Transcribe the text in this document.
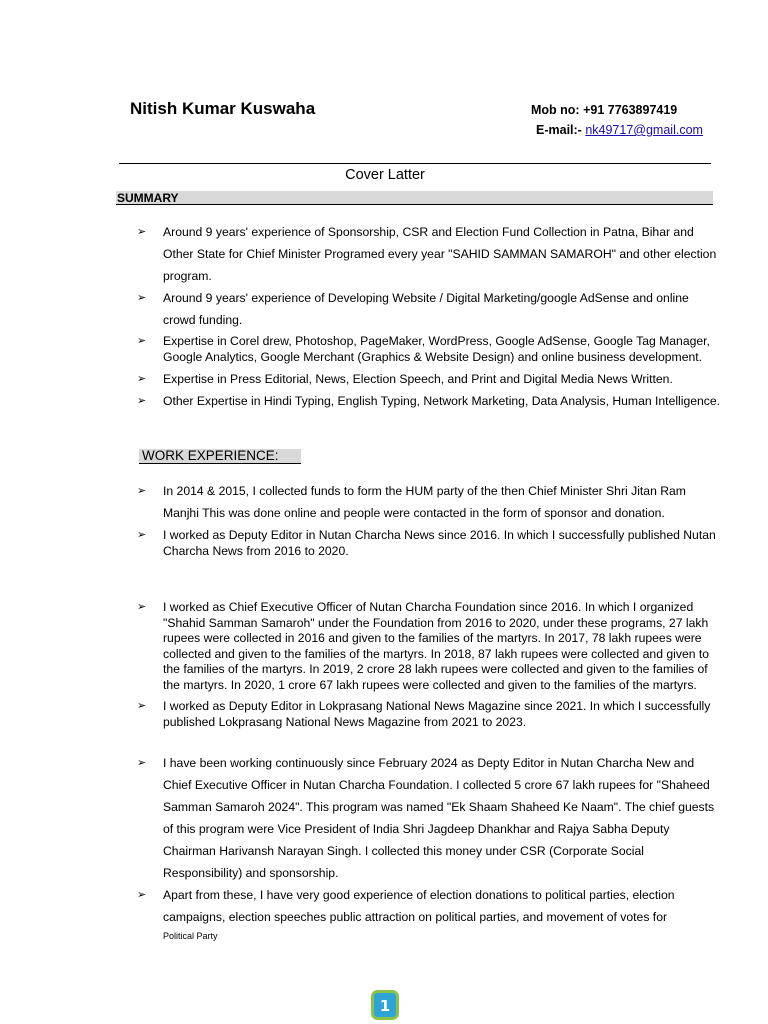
Nitish Kumar Kuswaha	Mob no: +91 7763897419
E-mail:- nk49717@gmail.com
Cover Latter
SUMMARY
➢ Around 9 years' experience of Sponsorship, CSR and Election Fund Collection in Patna, Bihar and Other State for Chief Minister Programed every year "SAHID SAMMAN SAMAROH" and other election program.
➢ Around 9 years' experience of Developing Website / Digital Marketing/google AdSense and online crowd funding.
➢ Expertise in Corel drew, Photoshop, PageMaker, WordPress, Google AdSense, Google Tag Manager, Google Analytics, Google Merchant (Graphics & Website Design) and online business development.
➢ Expertise in Press Editorial, News, Election Speech, and Print and Digital Media News Written.
➢ Other Expertise in Hindi Typing, English Typing, Network Marketing, Data Analysis, Human Intelligence.
WORK EXPERIENCE:
➢ In 2014 & 2015, I collected funds to form the HUM party of the then Chief Minister Shri Jitan Ram Manjhi This was done online and people were contacted in the form of sponsor and donation.
➢ I worked as Deputy Editor in Nutan Charcha News since 2016. In which I successfully published Nutan Charcha News from 2016 to 2020.
➢ I worked as Chief Executive Officer of Nutan Charcha Foundation since 2016. In which I organized "Shahid Samman Samaroh" under the Foundation from 2016 to 2020, under these programs, 27 lakh rupees were collected in 2016 and given to the families of the martyrs. In 2017, 78 lakh rupees were collected and given to the families of the martyrs. In 2018, 87 lakh rupees were collected and given to the families of the martyrs. In 2019, 2 crore 28 lakh rupees were collected and given to the families of the martyrs. In 2020, 1 crore 67 lakh rupees were collected and given to the families of the martyrs.
➢ I worked as Deputy Editor in Lokprasang National News Magazine since 2021. In which I successfully published Lokprasang National News Magazine from 2021 to 2023.
➢ I have been working continuously since February 2024 as Depty Editor in Nutan Charcha New and Chief Executive Officer in Nutan Charcha Foundation. I collected 5 crore 67 lakh rupees for "Shaheed Samman Samaroh 2024". This program was named "Ek Shaam Shaheed Ke Naam". The chief guests of this program were Vice President of India Shri Jagdeep Dhankhar and Rajya Sabha Deputy Chairman Harivansh Narayan Singh. I collected this money under CSR (Corporate Social Responsibility) and sponsorship.
➢ Apart from these, I have very good experience of election donations to political parties, election campaigns, election speeches public attraction on political parties, and movement of votes for
Political Party
1
